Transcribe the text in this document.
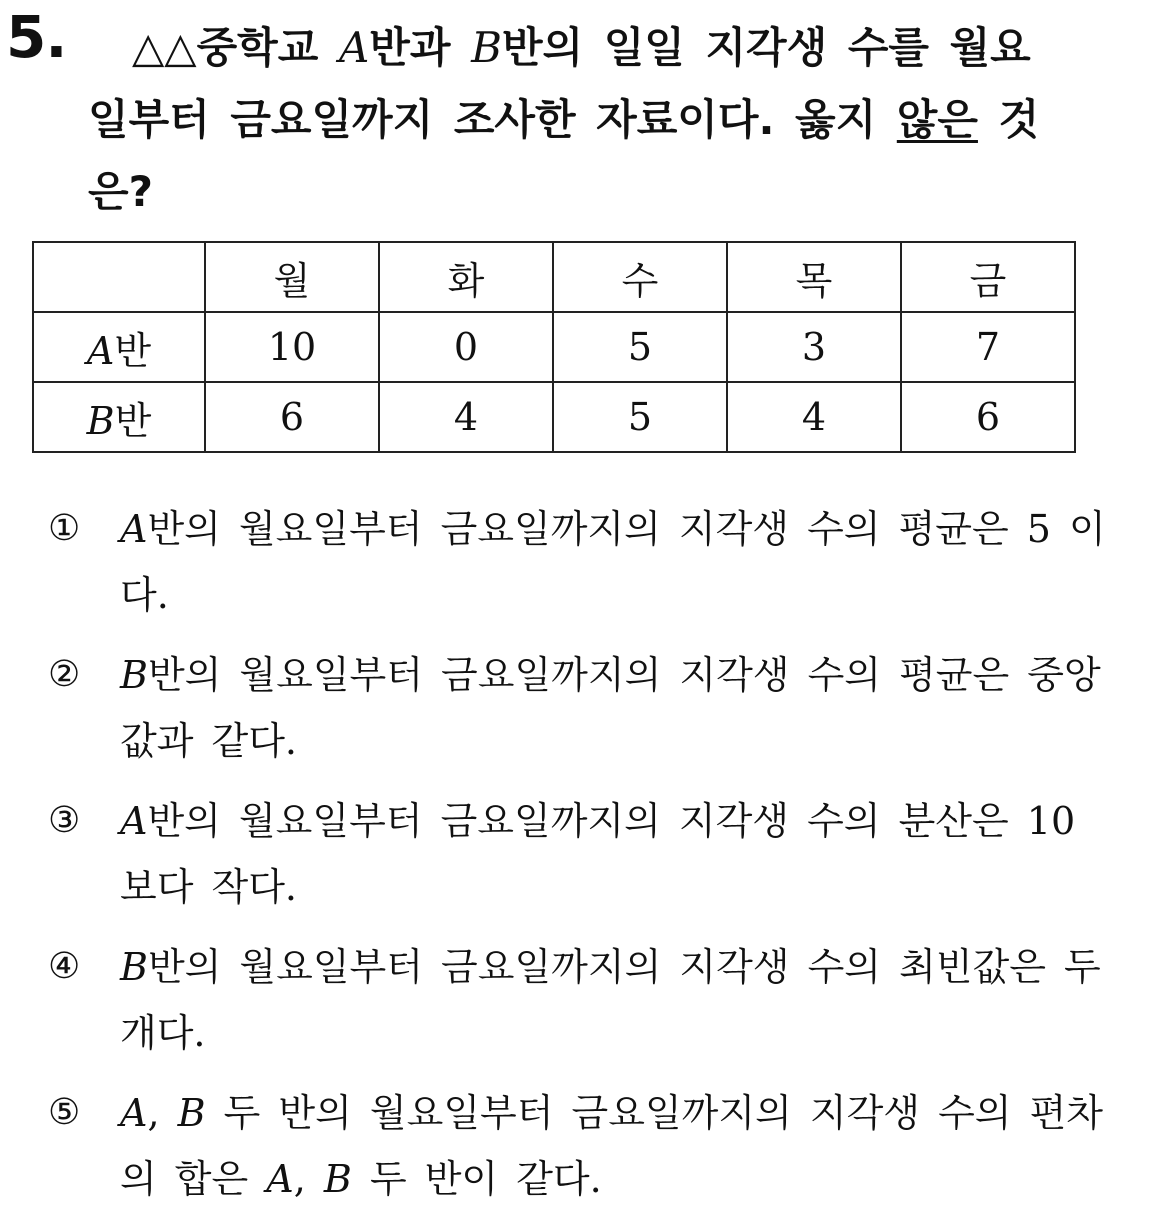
5.	△△중학교 A반과 B반의 일일 지각생 수를 월요
일부터 금요일까지 조사한 자료이다. 옳지 않은 것
은?
	월	화	수	목	금
A반	10	0	5	3	7
B반	6	4	5	4	6
① A반의 월요일부터 금요일까지의 지각생 수의 평균은 5 이다.
② B반의 월요일부터 금요일까지의 지각생 수의 평균은 중앙값과 같다.
③ A반의 월요일부터 금요일까지의 지각생 수의 분산은 10보다 작다.
④ B반의 월요일부터 금요일까지의 지각생 수의 최빈값은 두 개다.
⑤ A, B 두 반의 월요일부터 금요일까지의 지각생 수의 편차의 합은 A, B 두 반이 같다.
